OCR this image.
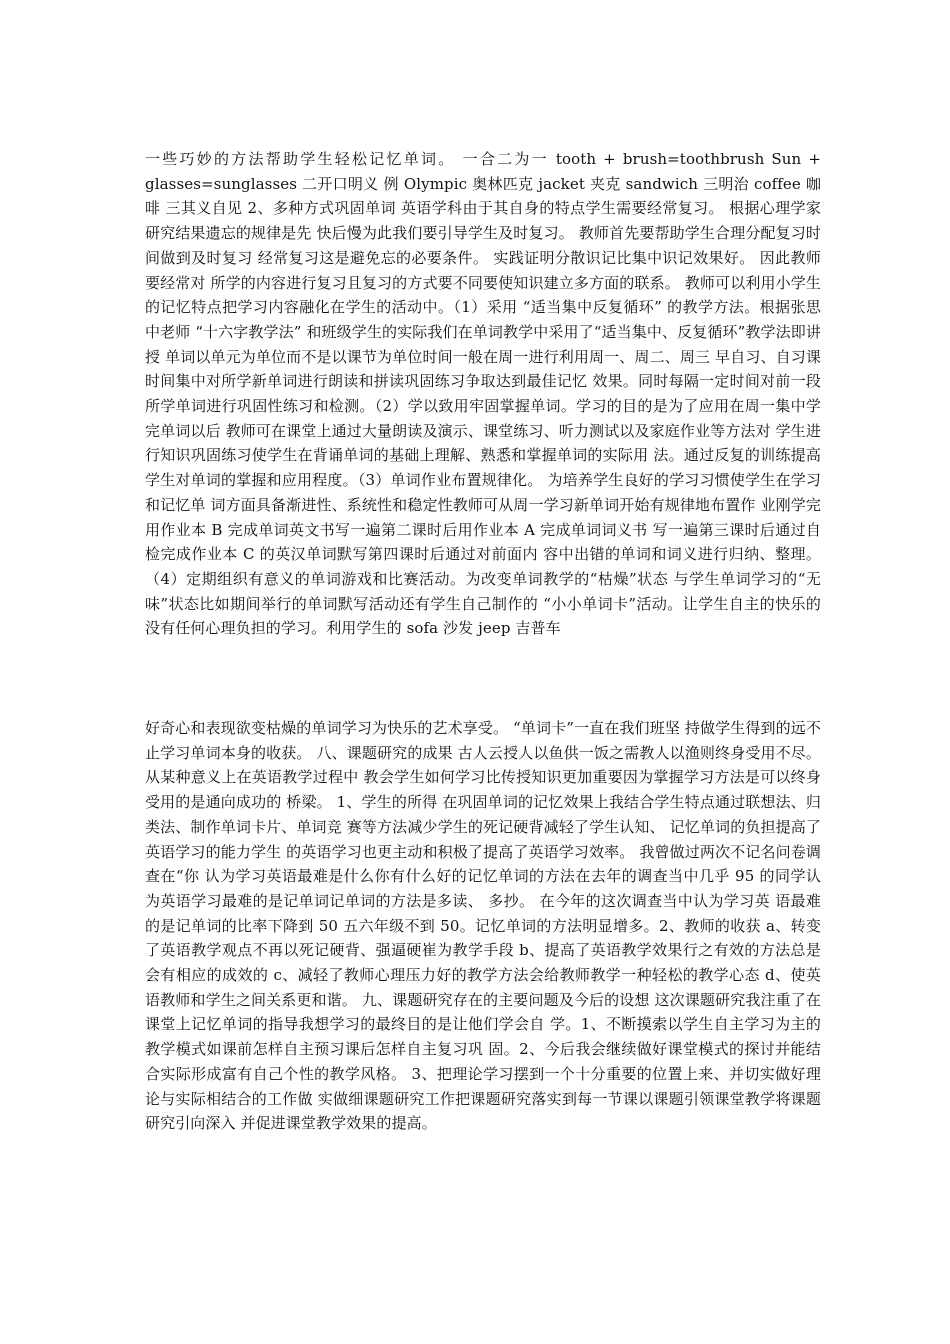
一些巧妙的方法帮助学生轻松记忆单词。 一合二为一 tooth + brush=toothbrush Sun + glasses=sunglasses 二开口明义 例 Olympic 奥林匹克 jacket 夹克 sandwich 三明治 coffee 咖啡 三其义自见 2、多种方式巩固单词 英语学科由于其自身的特点学生需要经常复习。 根据心理学家研究结果遗忘的规律是先 快后慢为此我们要引导学生及时复习。 教师首先要帮助学生合理分配复习时间做到及时复习 经常复习这是避免忘的必要条件。 实践证明分散识记比集中识记效果好。 因此教师要经常对 所学的内容进行复习且复习的方式要不同要使知识建立多方面的联系。 教师可以利用小学生 的记忆特点把学习内容融化在学生的活动中。（1）采用 “适当集中反复循环” 的教学方法。根据张思中老师 “十六字教学法” 和班级学生的实际我们在单词教学中采用了“适当集中、反复循环”教学法即讲授 单词以单元为单位而不是以课节为单位时间一般在周一进行利用周一、周二、周三 早自习、自习课时间集中对所学新单词进行朗读和拼读巩固练习争取达到最佳记忆 效果。同时每隔一定时间对前一段所学单词进行巩固性练习和检测。（2）学以致用牢固掌握单词。学习的目的是为了应用在周一集中学完单词以后 教师可在课堂上通过大量朗读及演示、课堂练习、听力测试以及家庭作业等方法对 学生进行知识巩固练习使学生在背诵单词的基础上理解、熟悉和掌握单词的实际用 法。通过反复的训练提高学生对单词的掌握和应用程度。（3）单词作业布置规律化。 为培养学生良好的学习习惯使学生在学习和记忆单 词方面具备渐进性、系统性和稳定性教师可从周一学习新单词开始有规律地布置作 业刚学完用作业本 B 完成单词英文书写一遍第二课时后用作业本 A 完成单词词义书 写一遍第三课时后通过自检完成作业本 C 的英汉单词默写第四课时后通过对前面内 容中出错的单词和词义进行归纳、整理。（4）定期组织有意义的单词游戏和比赛活动。为改变单词教学的“枯燥”状态 与学生单词学习的“无味”状态比如期间举行的单词默写活动还有学生自己制作的 “小小单词卡”活动。让学生自主的快乐的没有任何心理负担的学习。利用学生的 sofa 沙发 jeep 吉普车

好奇心和表现欲变枯燥的单词学习为快乐的艺术享受。 “单词卡”一直在我们班坚 持做学生得到的远不止学习单词本身的收获。 八、课题研究的成果 古人云授人以鱼供一饭之需教人以渔则终身受用不尽。 从某种意义上在英语教学过程中 教会学生如何学习比传授知识更加重要因为掌握学习方法是可以终身受用的是通向成功的 桥梁。 1、学生的所得 在巩固单词的记忆效果上我结合学生特点通过联想法、归类法、制作单词卡片、单词竞 赛等方法减少学生的死记硬背减轻了学生认知、 记忆单词的负担提高了英语学习的能力学生 的英语学习也更主动和积极了提高了英语学习效率。 我曾做过两次不记名问卷调查在“你 认为学习英语最难是什么你有什么好的记忆单词的方法在去年的调查当中几乎 95 的同学认 为英语学习最难的是记单词记单词的方法是多读、 多抄。 在今年的这次调查当中认为学习英 语最难的是记单词的比率下降到 50 五六年级不到 50。记忆单词的方法明显增多。2、教师的收获 a、转变了英语教学观点不再以死记硬背、强逼硬崔为教学手段 b、提高了英语教学效果行之有效的方法总是会有相应的成效的 c、减轻了教师心理压力好的教学方法会给教师教学一种轻松的教学心态 d、使英语教师和学生之间关系更和谐。 九、课题研究存在的主要问题及今后的设想 这次课题研究我注重了在课堂上记忆单词的指导我想学习的最终目的是让他们学会自 学。1、不断摸索以学生自主学习为主的教学模式如课前怎样自主预习课后怎样自主复习巩 固。2、今后我会继续做好课堂模式的探讨并能结合实际形成富有自己个性的教学风格。 3、把理论学习摆到一个十分重要的位置上来、并切实做好理论与实际相结合的工作做 实做细课题研究工作把课题研究落实到每一节课以课题引领课堂教学将课题研究引向深入 并促进课堂教学效果的提高。
